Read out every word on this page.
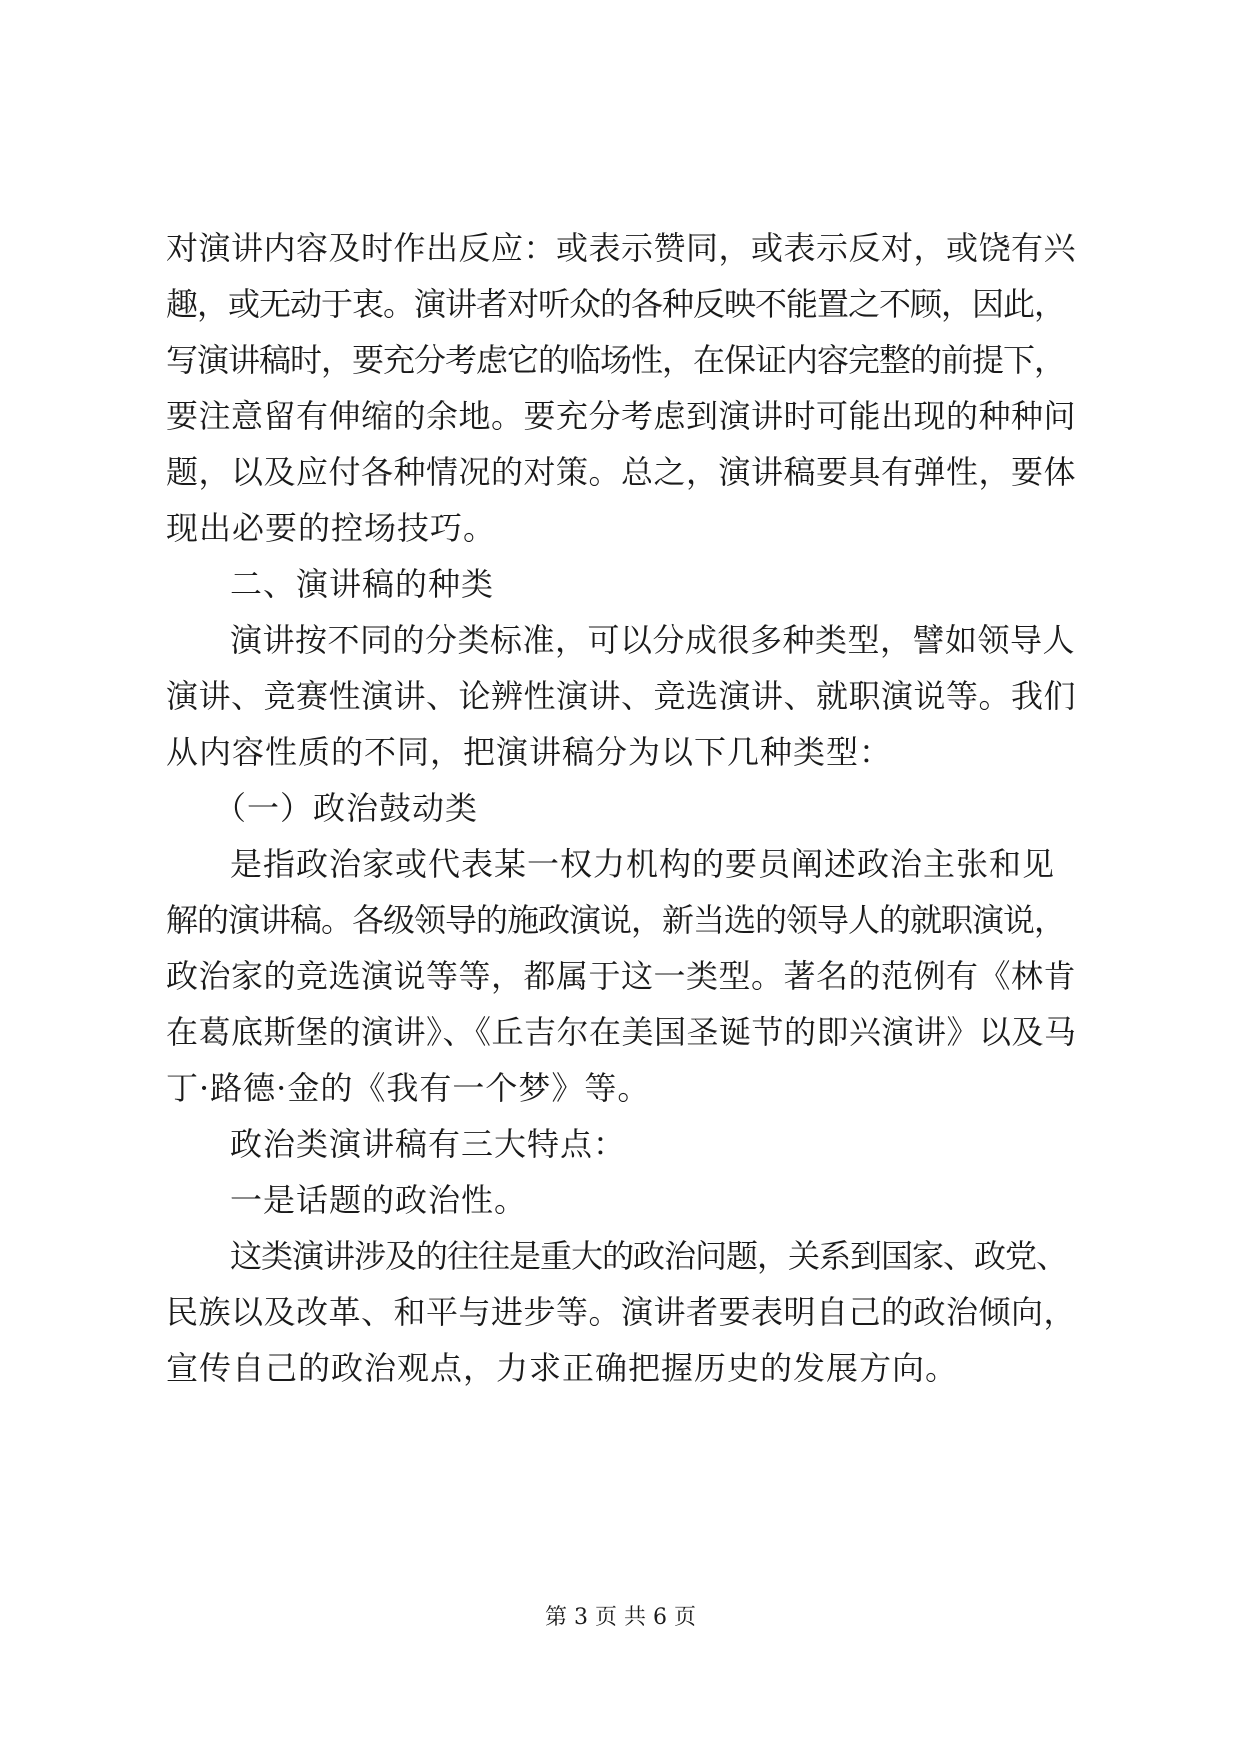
对演讲内容及时作出反应：或表示赞同，或表示反对，或饶有兴
趣，或无动于衷。演讲者对听众的各种反映不能置之不顾，因此，
写演讲稿时，要充分考虑它的临场性，在保证内容完整的前提下，
要注意留有伸缩的余地。要充分考虑到演讲时可能出现的种种问
题，以及应付各种情况的对策。总之，演讲稿要具有弹性，要体
现出必要的控场技巧。
二、演讲稿的种类
演讲按不同的分类标准，可以分成很多种类型，譬如领导人
演讲、竞赛性演讲、论辨性演讲、竞选演讲、就职演说等。我们
从内容性质的不同，把演讲稿分为以下几种类型：
（一）政治鼓动类
是指政治家或代表某一权力机构的要员阐述政治主张和见
解的演讲稿。各级领导的施政演说，新当选的领导人的就职演说，
政治家的竞选演说等等，都属于这一类型。著名的范例有《林肯
在葛底斯堡的演讲》、《丘吉尔在美国圣诞节的即兴演讲》以及马
丁·路德·金的《我有一个梦》等。
政治类演讲稿有三大特点：
一是话题的政治性。
这类演讲涉及的往往是重大的政治问题，关系到国家、政党、
民族以及改革、和平与进步等。演讲者要表明自己的政治倾向，
宣传自己的政治观点，力求正确把握历史的发展方向。
第 3 页 共 6 页
